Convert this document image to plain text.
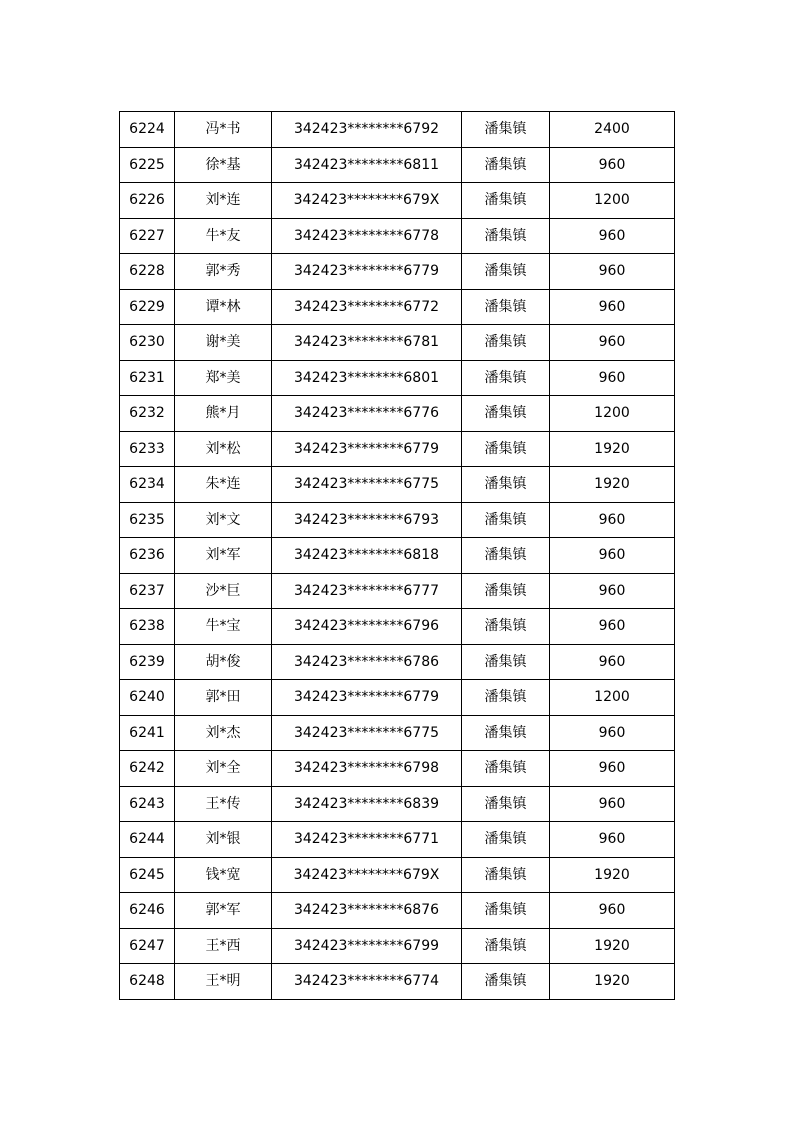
6224	冯*书	342423********6792	潘集镇	2400
6225	徐*基	342423********6811	潘集镇	960
6226	刘*连	342423********679X	潘集镇	1200
6227	牛*友	342423********6778	潘集镇	960
6228	郭*秀	342423********6779	潘集镇	960
6229	谭*林	342423********6772	潘集镇	960
6230	谢*美	342423********6781	潘集镇	960
6231	郑*美	342423********6801	潘集镇	960
6232	熊*月	342423********6776	潘集镇	1200
6233	刘*松	342423********6779	潘集镇	1920
6234	朱*连	342423********6775	潘集镇	1920
6235	刘*文	342423********6793	潘集镇	960
6236	刘*军	342423********6818	潘集镇	960
6237	沙*巨	342423********6777	潘集镇	960
6238	牛*宝	342423********6796	潘集镇	960
6239	胡*俊	342423********6786	潘集镇	960
6240	郭*田	342423********6779	潘集镇	1200
6241	刘*杰	342423********6775	潘集镇	960
6242	刘*全	342423********6798	潘集镇	960
6243	王*传	342423********6839	潘集镇	960
6244	刘*银	342423********6771	潘集镇	960
6245	钱*宽	342423********679X	潘集镇	1920
6246	郭*军	342423********6876	潘集镇	960
6247	王*西	342423********6799	潘集镇	1920
6248	王*明	342423********6774	潘集镇	1920
